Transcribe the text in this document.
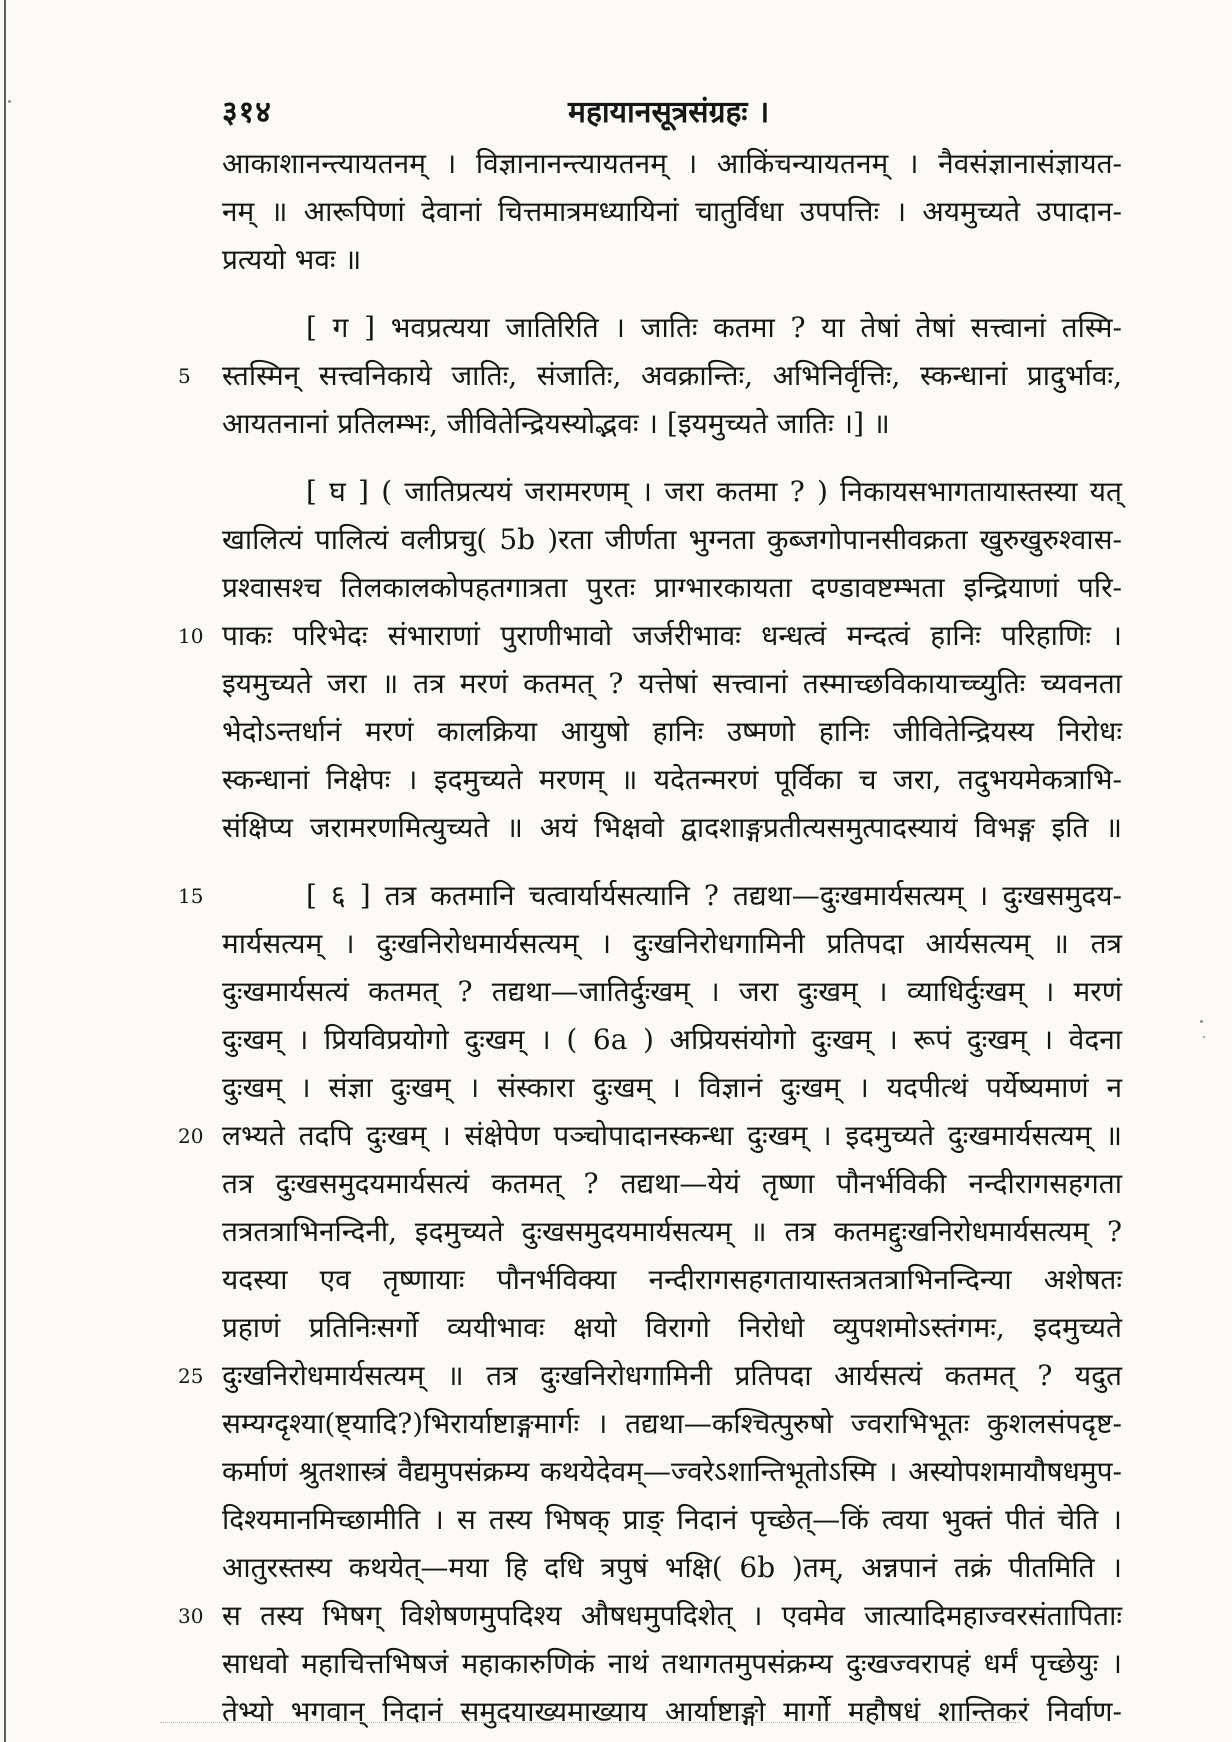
३१४	महायानसूत्रसंग्रहः ।
आकाशानन्त्यायतनम् । विज्ञानानन्त्यायतनम् । आकिंचन्यायतनम् । नैवसंज्ञानासंज्ञायत-
नम् ॥ आरूपिणां देवानां चित्तमात्रमध्यायिनां चातुर्विधा उपपत्तिः । अयमुच्यते उपादान-
प्रत्ययो भवः ॥
[ ग ] भवप्रत्यया जातिरिति । जातिः कतमा ? या तेषां तेषां सत्त्वानां तस्मि-
5	स्तस्मिन् सत्त्वनिकाये जातिः, संजातिः, अवक्रान्तिः, अभिनिर्वृत्तिः, स्कन्धानां प्रादुर्भावः,
आयतनानां प्रतिलम्भः, जीवितेन्द्रियस्योद्भवः । [इयमुच्यते जातिः ।] ॥
[ घ ] ( जातिप्रत्ययं जरामरणम् । जरा कतमा ? ) निकायसभागतायास्तस्या यत्
खालित्यं पालित्यं वलीप्रचु( 5b )रता जीर्णता भुग्नता कुब्जगोपानसीवक्रता खुरुखुरुश्वास-
प्रश्वासश्च तिलकालकोपहतगात्रता पुरतः प्राग्भारकायता दण्डावष्टम्भता इन्द्रियाणां परि-
10 पाकः परिभेदः संभाराणां पुराणीभावो जर्जरीभावः धन्धत्वं मन्दत्वं हानिः परिहाणिः ।
इयमुच्यते जरा ॥ तत्र मरणं कतमत् ? यत्तेषां सत्त्वानां तस्माच्छविकायाच्च्युतिः च्यवनता
भेदोऽन्तर्धानं मरणं कालक्रिया आयुषो हानिः उष्मणो हानिः जीवितेन्द्रियस्य निरोधः
स्कन्धानां निक्षेपः । इदमुच्यते मरणम् ॥ यदेतन्मरणं पूर्विका च जरा, तदुभयमेकत्राभि-
संक्षिप्य जरामरणमित्युच्यते ॥ अयं भिक्षवो द्वादशाङ्गप्रतीत्यसमुत्पादस्यायं विभङ्ग इति ॥
15	[ ६ ] तत्र कतमानि चत्वार्यार्यसत्यानि ? तद्यथा—दुःखमार्यसत्यम् । दुःखसमुदय-
मार्यसत्यम् । दुःखनिरोधमार्यसत्यम् । दुःखनिरोधगामिनी प्रतिपदा आर्यसत्यम् ॥ तत्र
दुःखमार्यसत्यं कतमत् ? तद्यथा—जातिर्दुःखम् । जरा दुःखम् । व्याधिर्दुःखम् । मरणं
दुःखम् । प्रियविप्रयोगो दुःखम् । ( 6a ) अप्रियसंयोगो दुःखम् । रूपं दुःखम् । वेदना
दुःखम् । संज्ञा दुःखम् । संस्कारा दुःखम् । विज्ञानं दुःखम् । यदपीत्थं पर्येष्यमाणं न
20 लभ्यते तदपि दुःखम् । संक्षेपेण पञ्चोपादानस्कन्धा दुःखम् । इदमुच्यते दुःखमार्यसत्यम् ॥
तत्र दुःखसमुदयमार्यसत्यं कतमत् ? तद्यथा—येयं तृष्णा पौनर्भविकी नन्दीरागसहगता
तत्रतत्राभिनन्दिनी, इदमुच्यते दुःखसमुदयमार्यसत्यम् ॥ तत्र कतमद्दुःखनिरोधमार्यसत्यम् ?
यदस्या एव तृष्णायाः पौनर्भविक्या नन्दीरागसहगतायास्तत्रतत्राभिनन्दिन्या अशेषतः
प्रहाणं प्रतिनिःसर्गो व्ययीभावः क्षयो विरागो निरोधो व्युपशमोऽस्तंगमः, इदमुच्यते
25 दुःखनिरोधमार्यसत्यम् ॥ तत्र दुःखनिरोधगामिनी प्रतिपदा आर्यसत्यं कतमत् ? यदुत
सम्यग्दृश्या(ष्ट्यादि?)भिरार्याष्टाङ्गमार्गः । तद्यथा—कश्चित्पुरुषो ज्वराभिभूतः कुशलसंपदृष्ट-
कर्माणं श्रुतशास्त्रं वैद्यमुपसंक्रम्य कथयेदेवम्—ज्वरेऽशान्तिभूतोऽस्मि । अस्योपशमायौषधमुप-
दिश्यमानमिच्छामीति । स तस्य भिषक् प्राङ् निदानं पृच्छेत्—किं त्वया भुक्तं पीतं चेति ।
आतुरस्तस्य कथयेत्—मया हि दधि त्रपुषं भक्षि( 6b )तम्, अन्नपानं तक्रं पीतमिति ।
30 स तस्य भिषग् विशेषणमुपदिश्य औषधमुपदिशेत् । एवमेव जात्यादिमहाज्वरसंतापिताः
साधवो महाचित्तभिषजं महाकारुणिकं नाथं तथागतमुपसंक्रम्य दुःखज्वरापहं धर्मं पृच्छेयुः ।
तेभ्यो भगवान् निदानं समुदयाख्यमाख्याय आर्याष्टाङ्गो मार्गो महौषधं शान्तिकरं निर्वाण-
